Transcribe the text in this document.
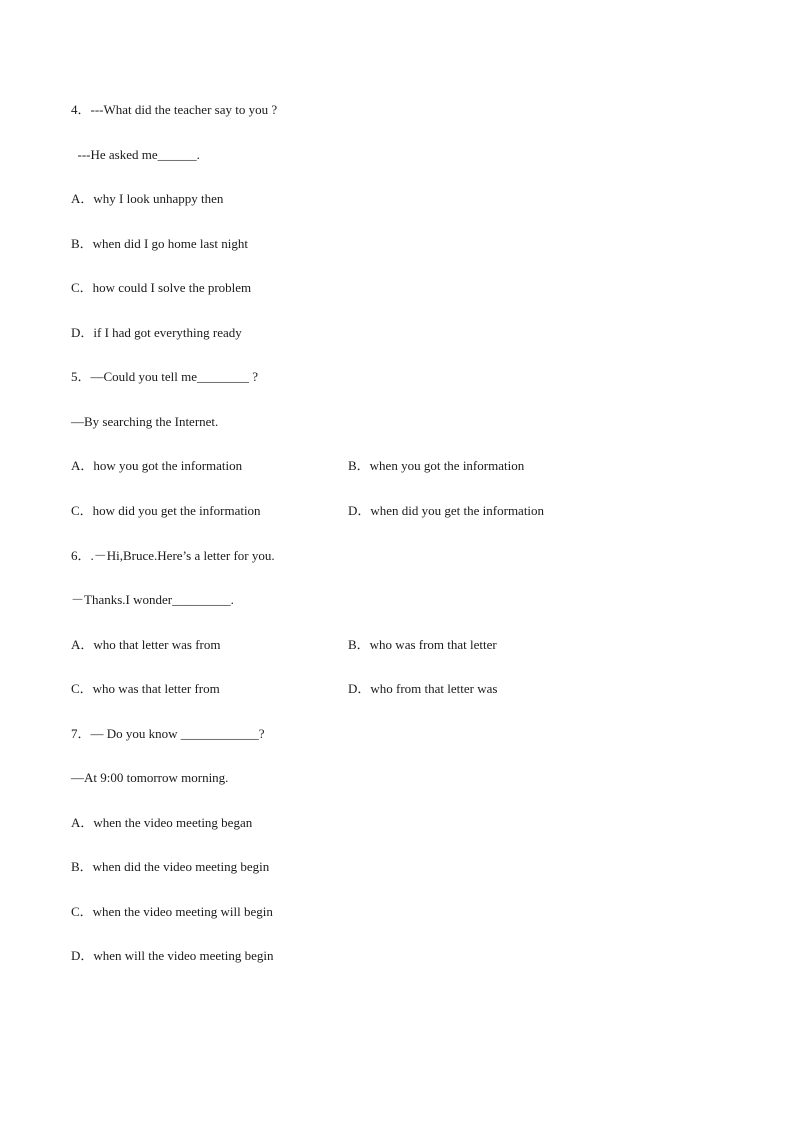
4．---What did the teacher say to you ?
---He asked me______.
A．why I look unhappy then
B．when did I go home last night
C．how could I solve the problem
D．if I had got everything ready
5．—Could you tell me________ ?
—By searching the Internet.
A．how you got the information	B．when you got the information
C．how did you get the information	D．when did you get the information
6．.－Hi,Bruce.Here’s a letter for you.
－Thanks.I wonder_________.
A．who that letter was from	B．who was from that letter
C．who was that letter from	D．who from that letter was
7．— Do you know ____________?
—At 9:00 tomorrow morning.
A．when the video meeting began
B．when did the video meeting begin
C．when the video meeting will begin
D．when will the video meeting begin
